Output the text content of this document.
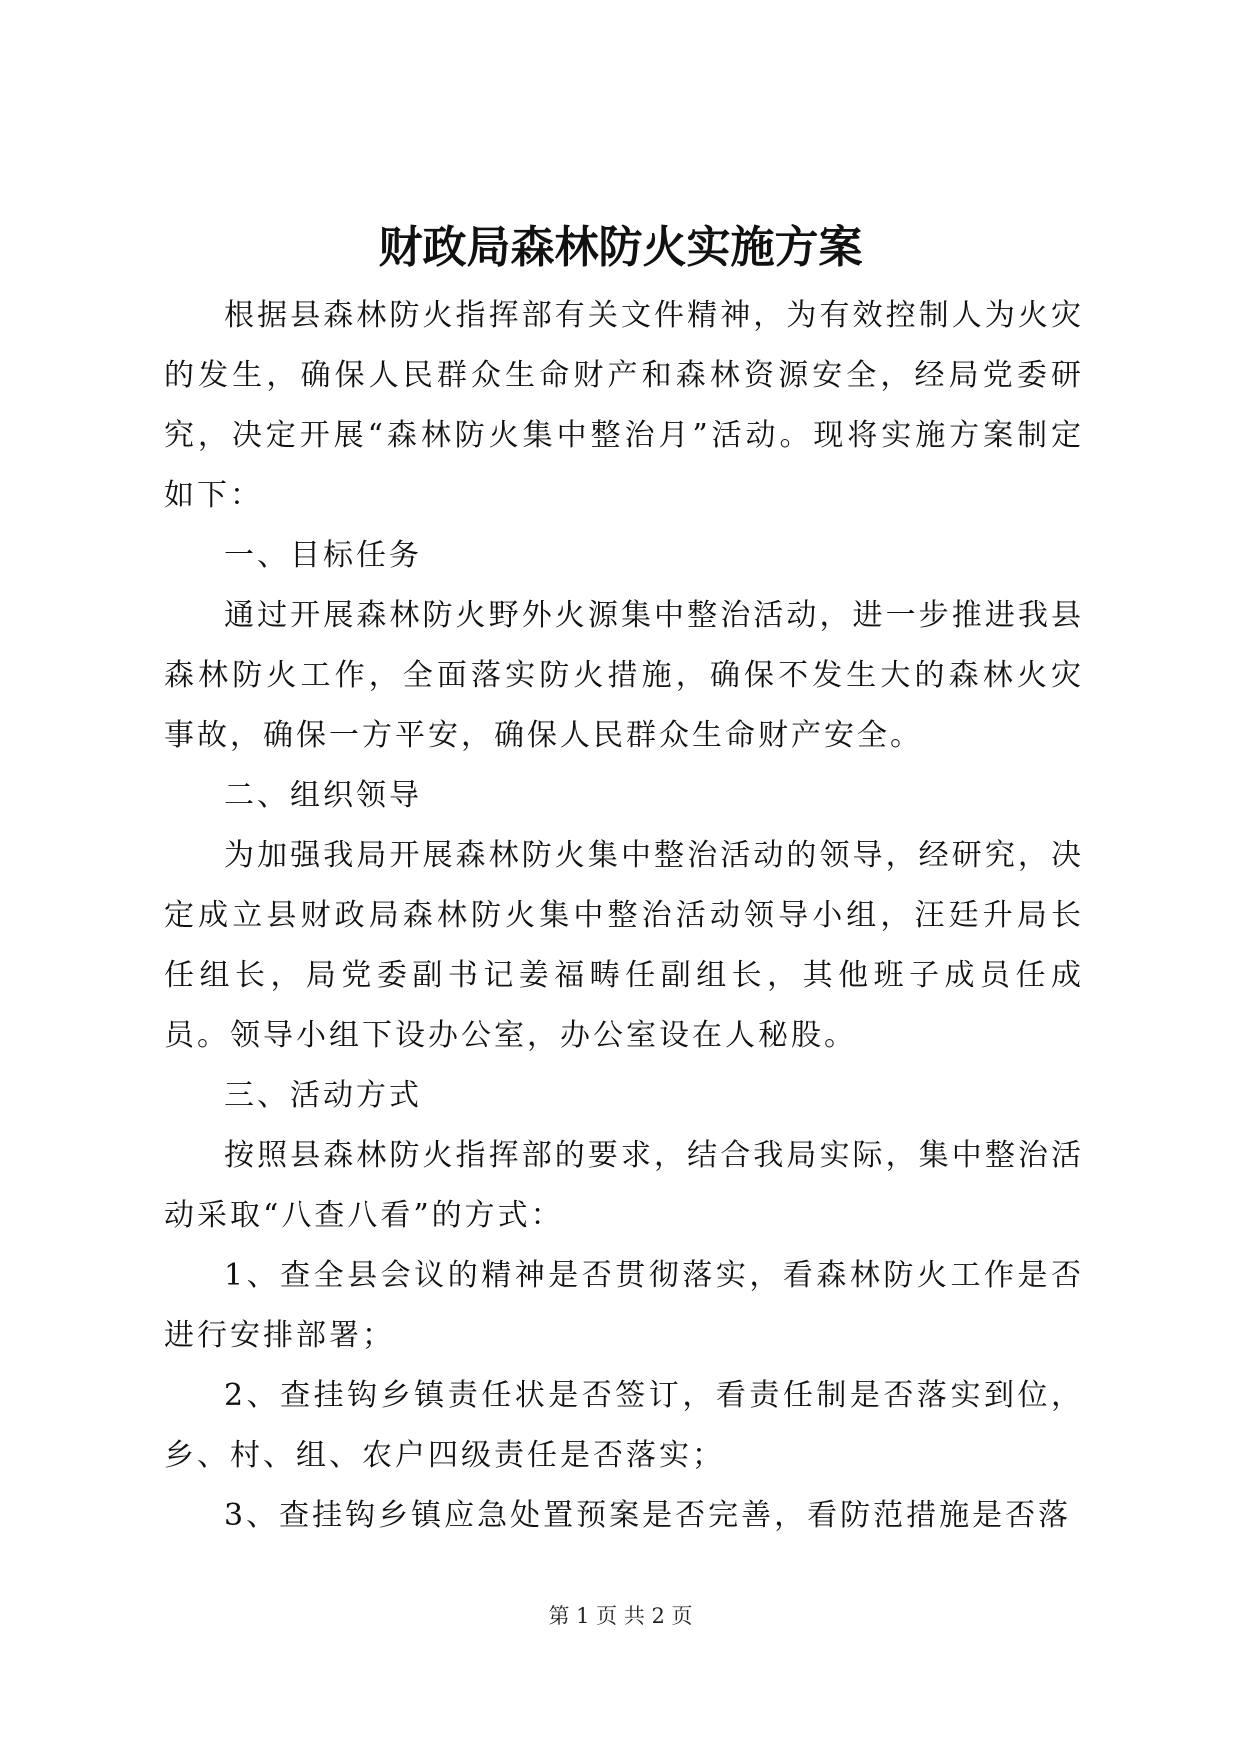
财政局森林防火实施方案

根据县森林防火指挥部有关文件精神，为有效控制人为火灾的发生，确保人民群众生命财产和森林资源安全，经局党委研究，决定开展“森林防火集中整治月”活动。现将实施方案制定如下：

一、目标任务

通过开展森林防火野外火源集中整治活动，进一步推进我县森林防火工作，全面落实防火措施，确保不发生大的森林火灾事故，确保一方平安，确保人民群众生命财产安全。

二、组织领导

为加强我局开展森林防火集中整治活动的领导，经研究，决定成立县财政局森林防火集中整治活动领导小组，汪廷升局长任组长，局党委副书记姜福畴任副组长，其他班子成员任成员。领导小组下设办公室，办公室设在人秘股。

三、活动方式

按照县森林防火指挥部的要求，结合我局实际，集中整治活动采取“八查八看”的方式：

1、查全县会议的精神是否贯彻落实，看森林防火工作是否进行安排部署；

2、查挂钩乡镇责任状是否签订，看责任制是否落实到位，乡、村、组、农户四级责任是否落实；

3、查挂钩乡镇应急处置预案是否完善，看防范措施是否落

第 1 页 共 2 页
